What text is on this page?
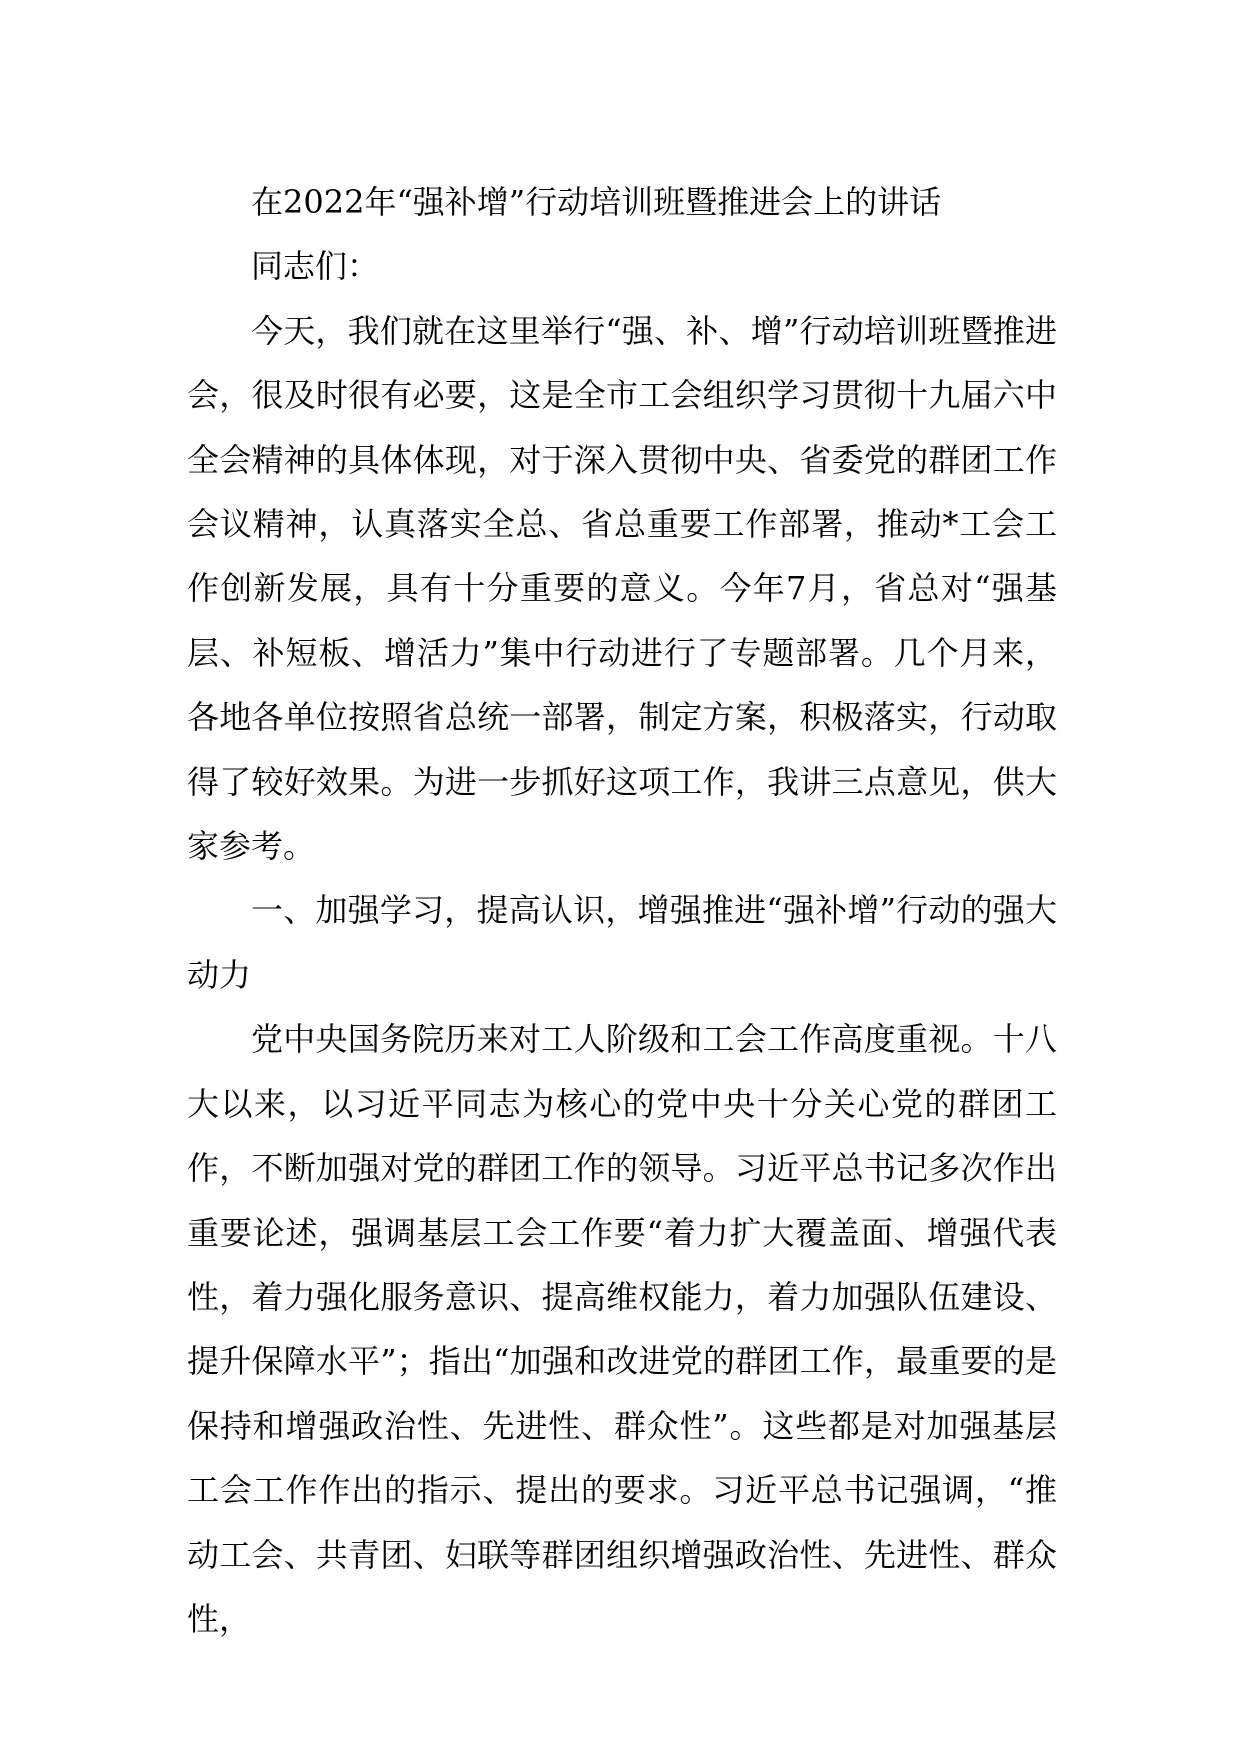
在2022年“强补增”行动培训班暨推进会上的讲话

同志们：

今天，我们就在这里举行“强、补、增”行动培训班暨推进会，很及时很有必要，这是全市工会组织学习贯彻十九届六中全会精神的具体体现，对于深入贯彻中央、省委党的群团工作会议精神，认真落实全总、省总重要工作部署，推动*工会工作创新发展，具有十分重要的意义。今年7月，省总对“强基层、补短板、增活力”集中行动进行了专题部署。几个月来，各地各单位按照省总统一部署，制定方案，积极落实，行动取得了较好效果。为进一步抓好这项工作，我讲三点意见，供大家参考。

一、加强学习，提高认识，增强推进“强补增”行动的强大动力

党中央国务院历来对工人阶级和工会工作高度重视。十八大以来，以习近平同志为核心的党中央十分关心党的群团工作，不断加强对党的群团工作的领导。习近平总书记多次作出重要论述，强调基层工会工作要“着力扩大覆盖面、增强代表性，着力强化服务意识、提高维权能力，着力加强队伍建设、提升保障水平”；指出“加强和改进党的群团工作，最重要的是保持和增强政治性、先进性、群众性”。这些都是对加强基层工会工作作出的指示、提出的要求。习近平总书记强调，“推动工会、共青团、妇联等群团组织增强政治性、先进性、群众性，
